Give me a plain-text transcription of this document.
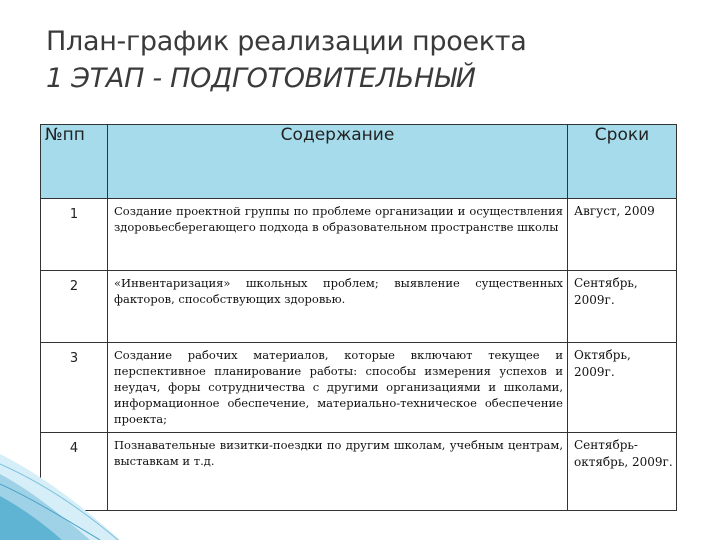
План-график реализации проекта
1 ЭТАП - ПОДГОТОВИТЕЛЬНЫЙ
№пп	Содержание	Сроки

1	Создание проектной группы по проблеме организации и осуществления здоровьесберегающего подхода в образовательном пространстве школы	Август, 2009
2	«Инвентаризация» школьных проблем; выявление существенных факторов, способствующих здоровью.	Сентябрь, 2009г.
3	Создание рабочих материалов, которые включают текущее и перспективное планирование работы: способы измерения успехов и неудач, форы сотрудничества с другими организациями и школами, информационное обеспечение, материально-техническое обеспечение проекта;	Октябрь, 2009г.
4	Познавательные визитки-поездки по другим школам, учебным центрам, выставкам и т.д.	Сентябрь-октябрь, 2009г.
